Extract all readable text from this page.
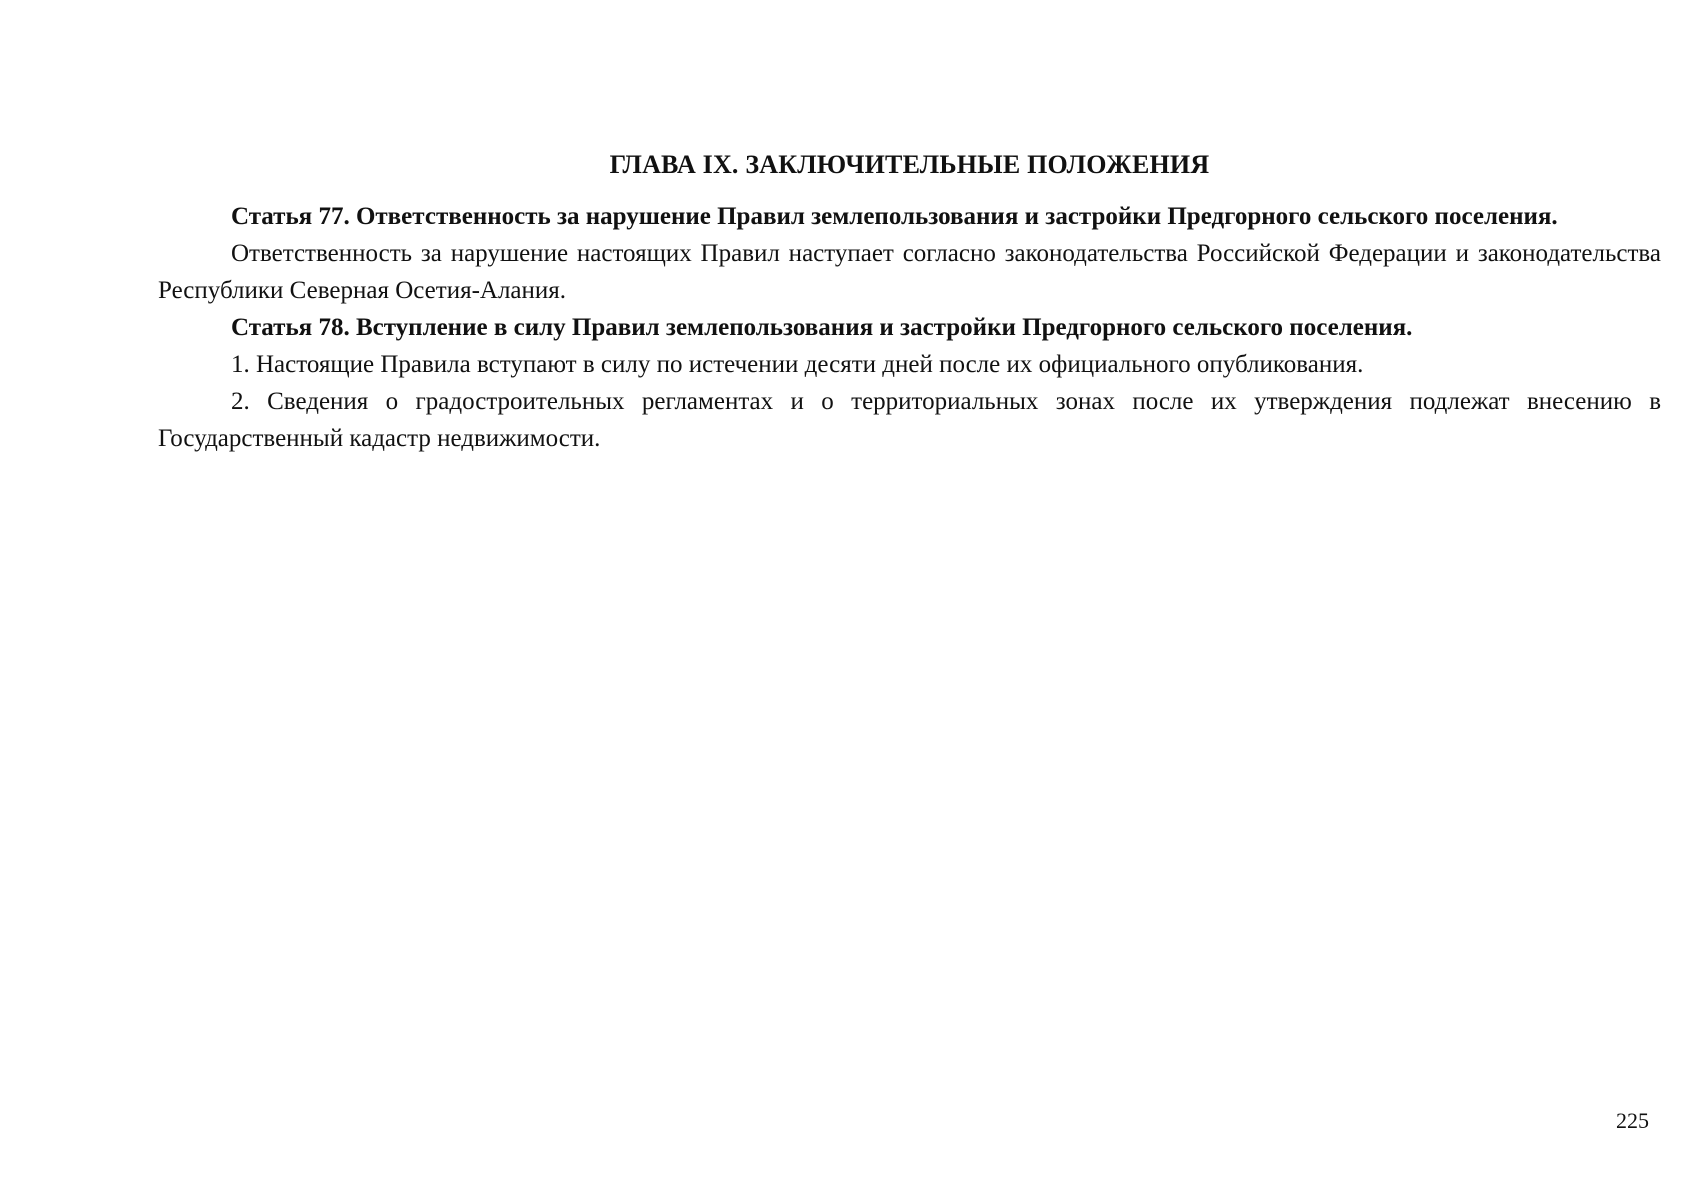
ГЛАВА IX. ЗАКЛЮЧИТЕЛЬНЫЕ ПОЛОЖЕНИЯ

Статья 77. Ответственность за нарушение Правил землепользования и застройки Предгорного сельского поселения.

Ответственность за нарушение настоящих Правил наступает согласно законодательства Российской Федерации и законодательства Республики Северная Осетия-Алания.

Статья 78. Вступление в силу Правил землепользования и застройки Предгорного сельского поселения.

1. Настоящие Правила вступают в силу по истечении десяти дней после их официального опубликования.

2. Сведения о градостроительных регламентах и о территориальных зонах после их утверждения подлежат внесению в Государственный кадастр недвижимости.

225
